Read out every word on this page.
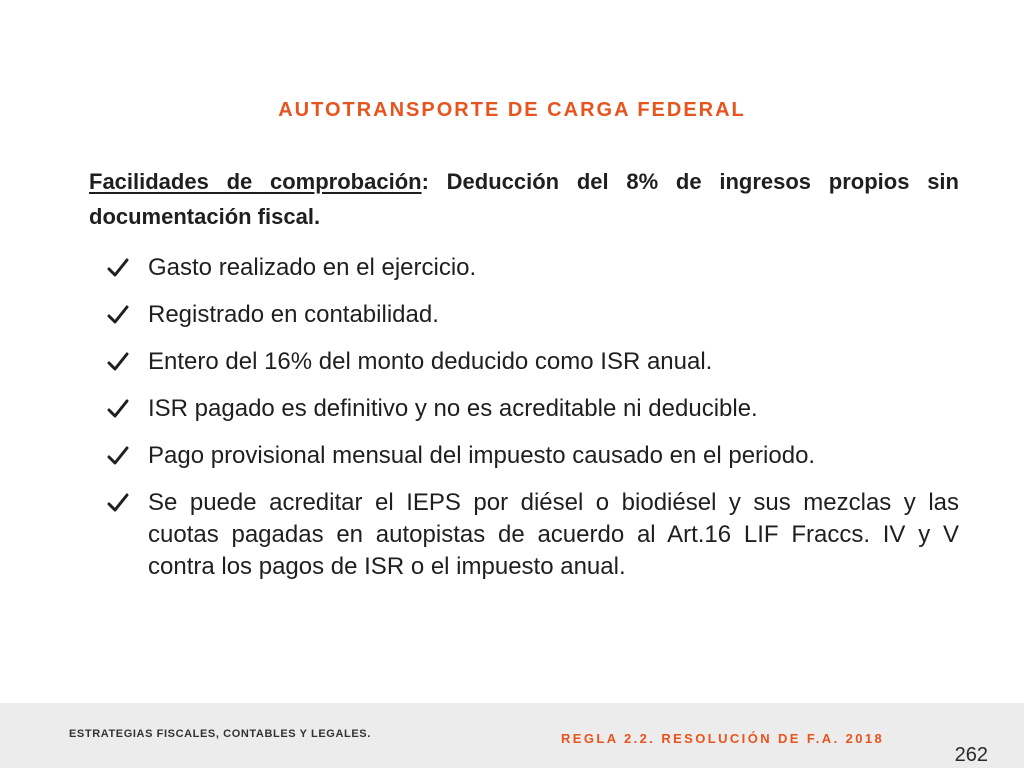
AUTOTRANSPORTE DE CARGA FEDERAL

Facilidades de comprobación: Deducción del 8% de ingresos propios sin documentación fiscal.

Gasto realizado en el ejercicio.
Registrado en contabilidad.
Entero del 16% del monto deducido como ISR anual.
ISR pagado es definitivo y no es acreditable ni deducible.
Pago provisional mensual del impuesto causado en el periodo.
Se puede acreditar el IEPS por diésel o biodiésel y sus mezclas y las cuotas pagadas en autopistas de acuerdo al Art.16 LIF Fraccs. IV y V contra los pagos de ISR o el impuesto anual.
ESTRATEGIAS FISCALES, CONTABLES Y LEGALES.	REGLA 2.2. RESOLUCIÓN DE F.A. 2018
262
